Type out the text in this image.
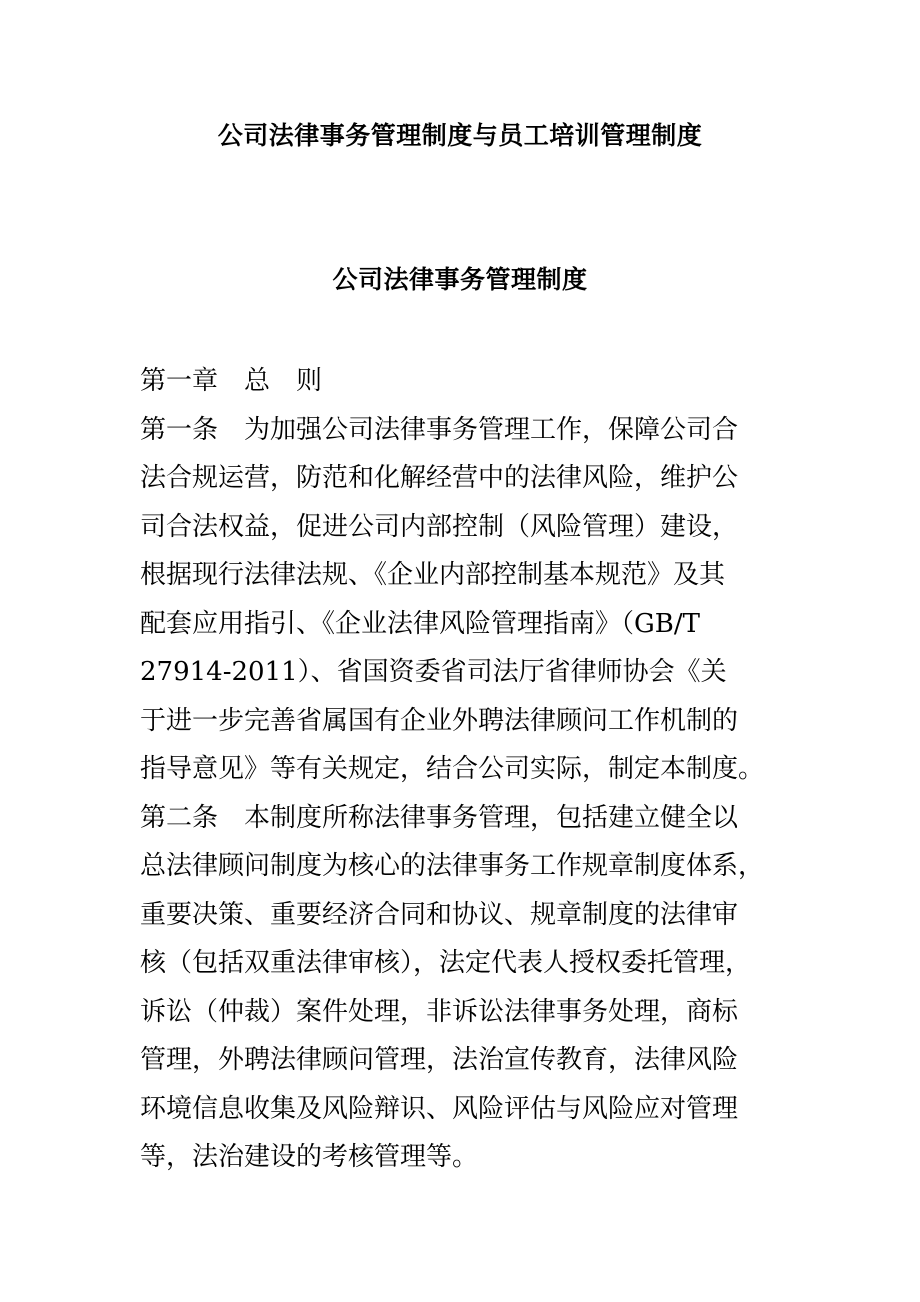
公司法律事务管理制度与员工培训管理制度
公司法律事务管理制度
第一章　总　则
第一条　为加强公司法律事务管理工作，保障公司合
法合规运营，防范和化解经营中的法律风险，维护公
司合法权益，促进公司内部控制（风险管理）建设，
根据现行法律法规、《企业内部控制基本规范》及其
配套应用指引、《企业法律风险管理指南》（GB/T
27914-2011）、省国资委省司法厅省律师协会《关
于进一步完善省属国有企业外聘法律顾问工作机制的
指导意见》等有关规定，结合公司实际，制定本制度。
第二条　本制度所称法律事务管理，包括建立健全以
总法律顾问制度为核心的法律事务工作规章制度体系，
重要决策、重要经济合同和协议、规章制度的法律审
核（包括双重法律审核），法定代表人授权委托管理，
诉讼（仲裁）案件处理，非诉讼法律事务处理，商标
管理，外聘法律顾问管理，法治宣传教育，法律风险
环境信息收集及风险辩识、风险评估与风险应对管理
等，法治建设的考核管理等。
